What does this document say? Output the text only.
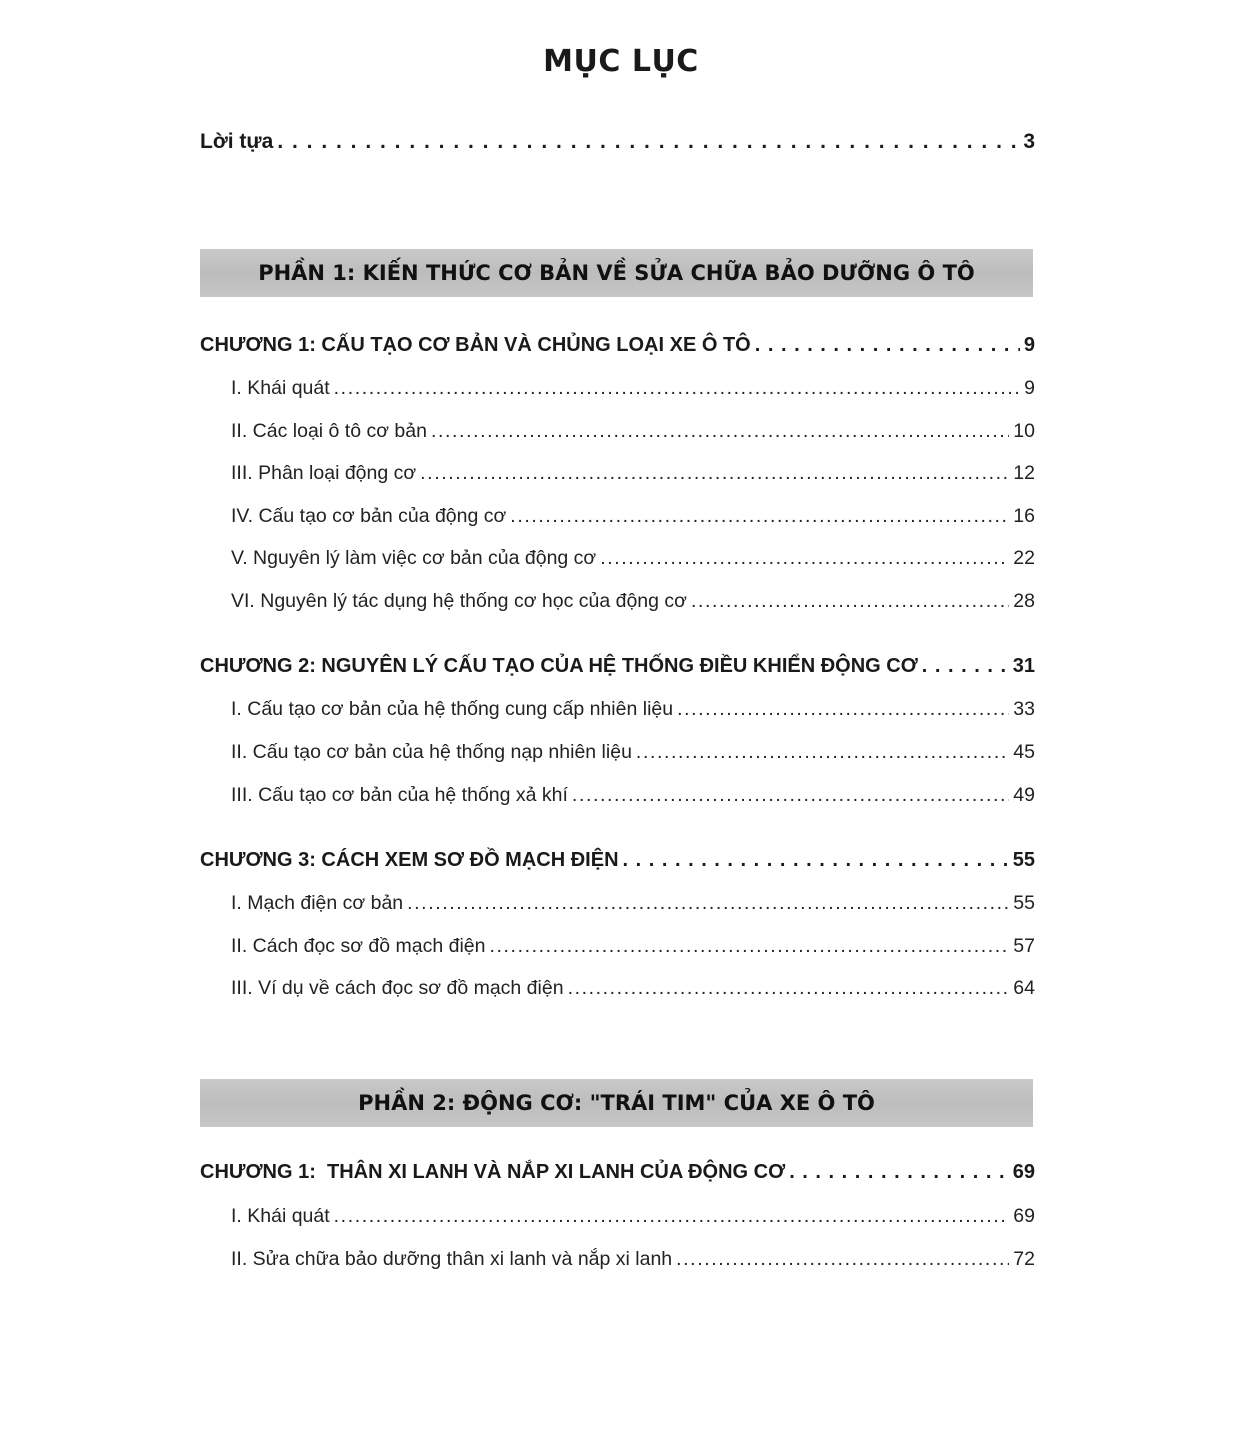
MỤC LỤC
Lời tựa . . .	3
PHẦN 1: KIẾN THỨC CƠ BẢN VỀ SỬA CHỮA BẢO DƯỠNG Ô TÔ
CHƯƠNG 1: CẤU TẠO CƠ BẢN VÀ CHỦNG LOẠI XE Ô TÔ . . .	9
I. Khái quát .....	9
II. Các loại ô tô cơ bản .....	10
III. Phân loại động cơ .....	12
IV. Cấu tạo cơ bản của động cơ .....	16
V. Nguyên lý làm việc cơ bản của động cơ .....	22
VI. Nguyên lý tác dụng hệ thống cơ học của động cơ .....	28
CHƯƠNG 2: NGUYÊN LÝ CẤU TẠO CỦA HỆ THỐNG ĐIỀU KHIỂN ĐỘNG CƠ . . .	31
I. Cấu tạo cơ bản của hệ thống cung cấp nhiên liệu .....	33
II. Cấu tạo cơ bản của hệ thống nạp nhiên liệu .....	45
III. Cấu tạo cơ bản của hệ thống xả khí .....	49
CHƯƠNG 3: CÁCH XEM SƠ ĐỒ MẠCH ĐIỆN . . .	55
I. Mạch điện cơ bản .....	55
II. Cách đọc sơ đồ mạch điện .....	57
III. Ví dụ về cách đọc sơ đồ mạch điện .....	64
PHẦN 2: ĐỘNG CƠ: "TRÁI TIM" CỦA XE Ô TÔ
CHƯƠNG 1:  THÂN XI LANH VÀ NẮP XI LANH CỦA ĐỘNG CƠ . . .	69
I. Khái quát .....	69
II. Sửa chữa bảo dưỡng thân xi lanh và nắp xi lanh .....	72
